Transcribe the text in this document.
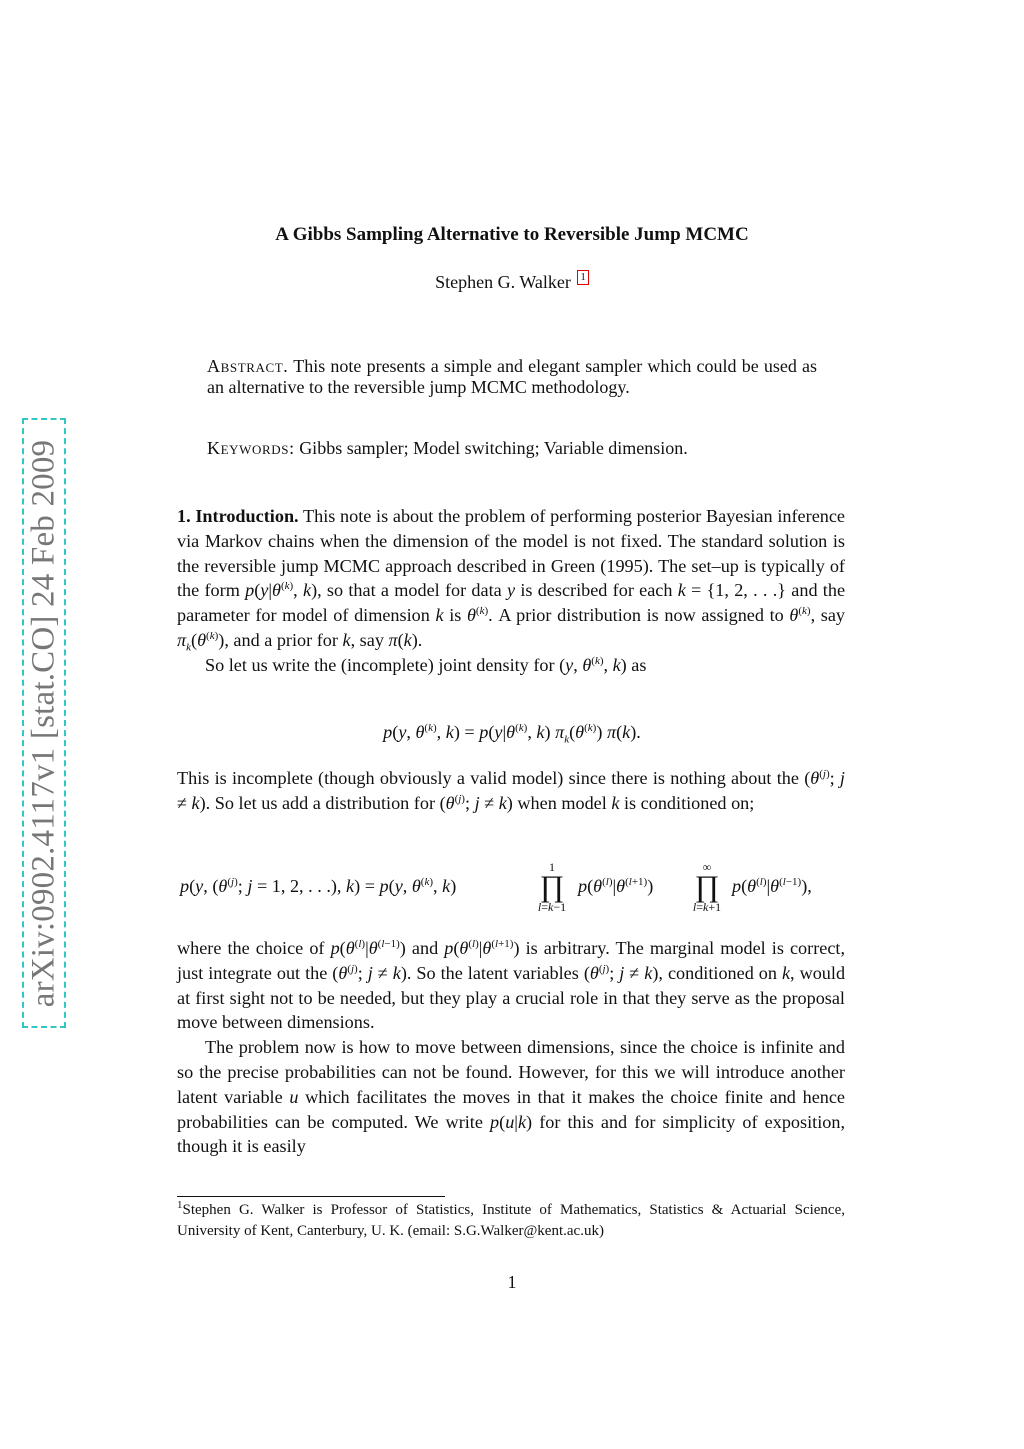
arXiv:0902.4117v1 [stat.CO] 24 Feb 2009
A Gibbs Sampling Alternative to Reversible Jump MCMC
Stephen G. Walker 1
Abstract. This note presents a simple and elegant sampler which could be used as an alternative to the reversible jump MCMC methodology.
Keywords: Gibbs sampler; Model switching; Variable dimension.

1. Introduction. This note is about the problem of performing posterior Bayesian inference via Markov chains when the dimension of the model is not fixed. The standard solution is the reversible jump MCMC approach described in Green (1995). The set–up is typically of the form $p(y|\theta^{(k)}$, k), so that a model for data y is described for each k = {1, 2, . . .} and the parameter for model of dimension k is $\theta^{(k)}$. A prior distribution is now assigned to $\theta^{(k)}$, say $\pi_k(\theta^{(k)})$, and a prior for k, say π(k).

So let us write the (incomplete) joint density for (y, $\theta^{(k)}$, k) as

p(y, $\theta^{(k)}$, $k) = p(y|\theta^{(k)}$, k) $\pi_k(\theta^{(k)})$ π(k).

This is incomplete (though obviously a valid model) since there is nothing about the ($\theta^{(j)}$; j ≠ k). So let us add a distribution for ($\theta^{(j)}$; j ≠ k) when model k is conditioned on;

p(y, ($\theta^{(j)}$; j = 1, 2, . . .), k) = p(y, $\theta^{(k)}$, k)
1
∏
l=k−1
$p(\theta^{(l)}|\theta^{(l+1)})$
∞
∏
l=k+1
$p(\theta^{(l)}|\theta^{(l-1)})$,

where the choice of $p(\theta^{(l)}|\theta^{(l-1)})$ and $p(\theta^{(l)}|\theta^{(l+1)})$ is arbitrary. The marginal model is correct, just integrate out the ($\theta^{(j)}$; j ≠ k). So the latent variables ($\theta^{(j)}$; j ≠ k), conditioned on k, would at first sight not to be needed, but they play a crucial role in that they serve as the proposal move between dimensions.

The problem now is how to move between dimensions, since the choice is infinite and so the precise probabilities can not be found. However, for this we will introduce another latent variable u which facilitates the moves in that it makes the choice finite and hence probabilities can be computed. We write p(u|k) for this and for simplicity of exposition, though it is easily

$^1$Stephen G. Walker is Professor of Statistics, Institute of Mathematics, Statistics & Actuarial Science, University of Kent, Canterbury, U. K. (email: S.G.Walker@kent.ac.uk)
1
